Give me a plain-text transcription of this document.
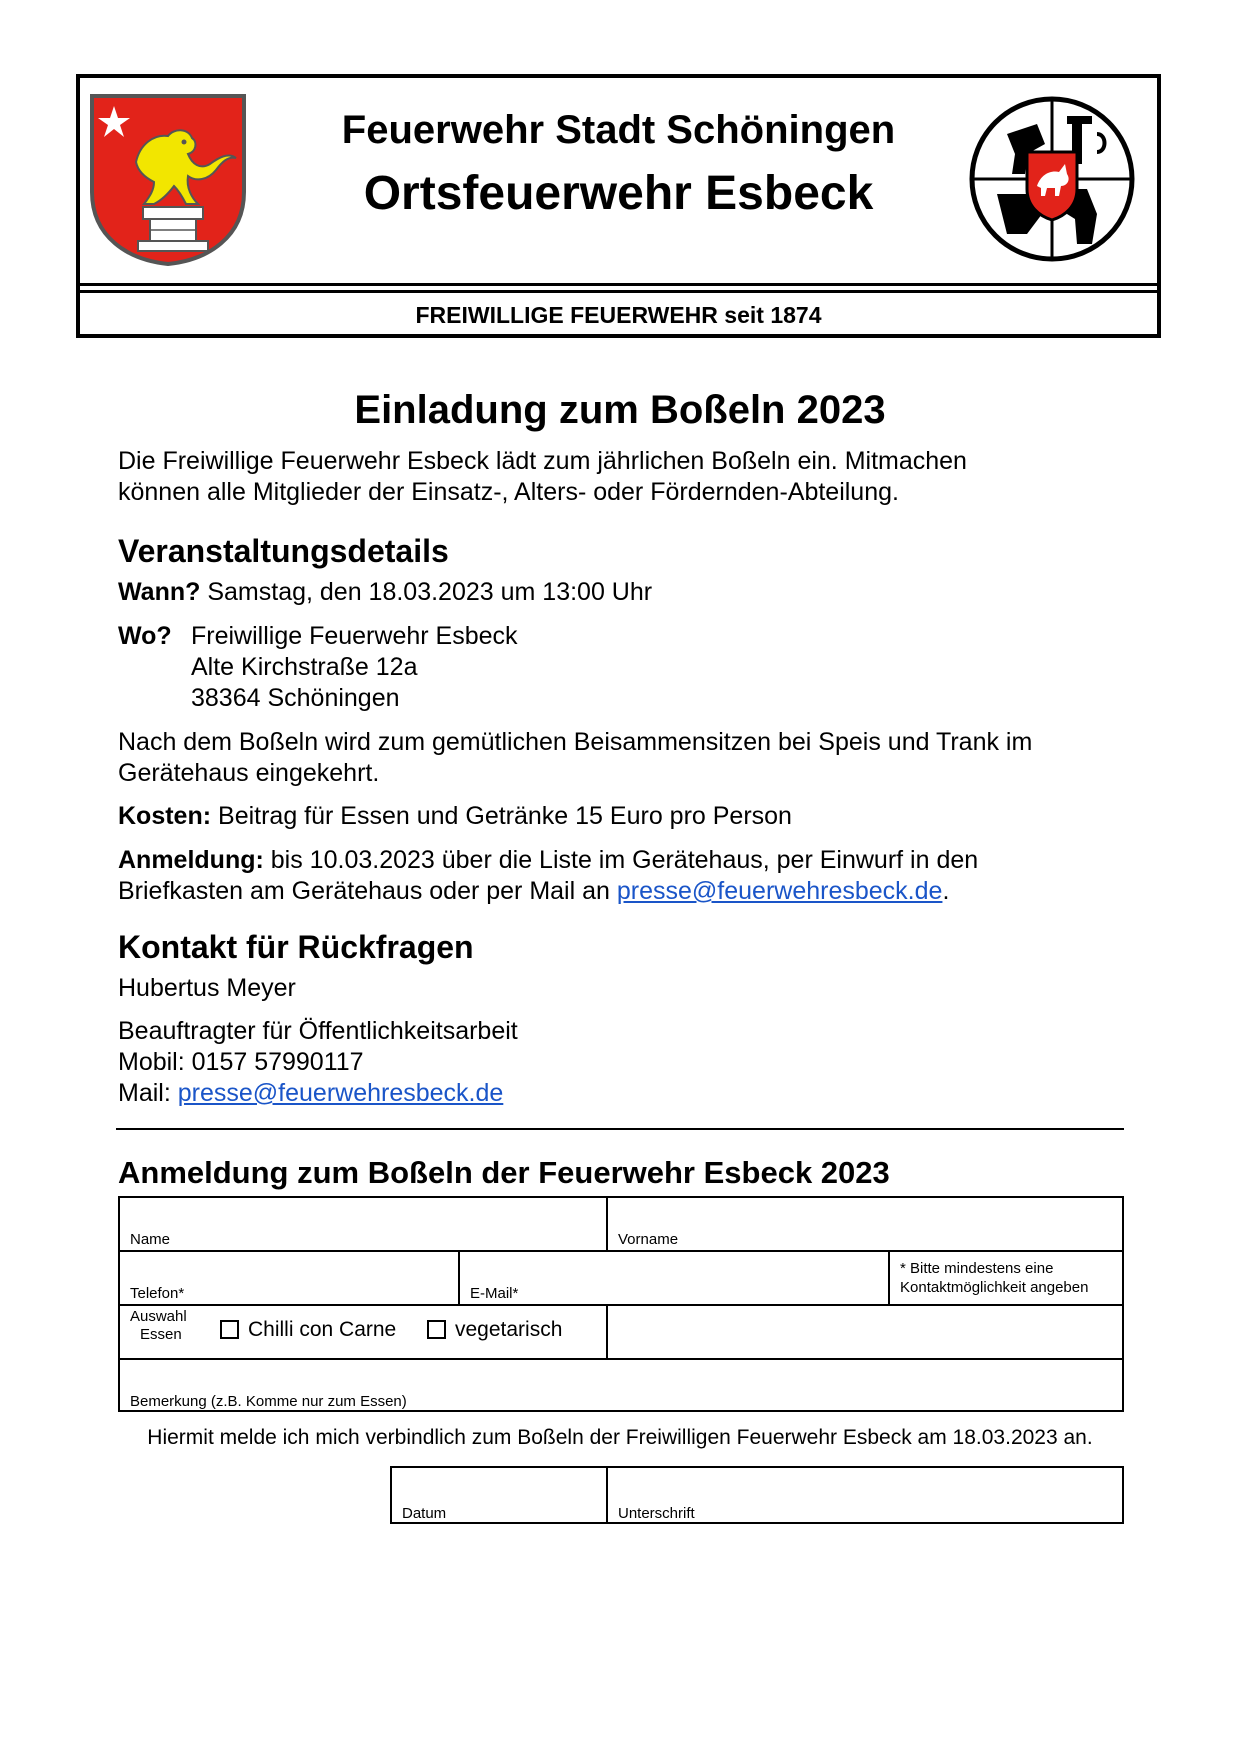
Feuerwehr Stadt Schöningen
Ortsfeuerwehr Esbeck
FREIWILLIGE FEUERWEHR seit 1874
Einladung zum Boßeln 2023
Die Freiwillige Feuerwehr Esbeck lädt zum jährlichen Boßeln ein. Mitmachen
können alle Mitglieder der Einsatz-, Alters- oder Fördernden-Abteilung.
Veranstaltungsdetails
Wann? Samstag, den 18.03.2023 um 13:00 Uhr
Wo? Freiwillige Feuerwehr Esbeck
Alte Kirchstraße 12a
38364 Schöningen
Nach dem Boßeln wird zum gemütlichen Beisammensitzen bei Speis und Trank im
Gerätehaus eingekehrt.
Kosten: Beitrag für Essen und Getränke 15 Euro pro Person
Anmeldung: bis 10.03.2023 über die Liste im Gerätehaus, per Einwurf in den
Briefkasten am Gerätehaus oder per Mail an presse@feuerwehresbeck.de.
Kontakt für Rückfragen
Hubertus Meyer
Beauftragter für Öffentlichkeitsarbeit
Mobil: 0157 57990117
Mail: presse@feuerwehresbeck.de
Anmeldung zum Boßeln der Feuerwehr Esbeck 2023
Name	Vorname
Telefon*	E-Mail*
* Bitte mindestens eine
Kontaktmöglichkeit angeben
Auswahl
Essen	Chilli con Carne	vegetarisch
Bemerkung (z.B. Komme nur zum Essen)
Hiermit melde ich mich verbindlich zum Boßeln der Freiwilligen Feuerwehr Esbeck am 18.03.2023 an.
Datum	Unterschrift
